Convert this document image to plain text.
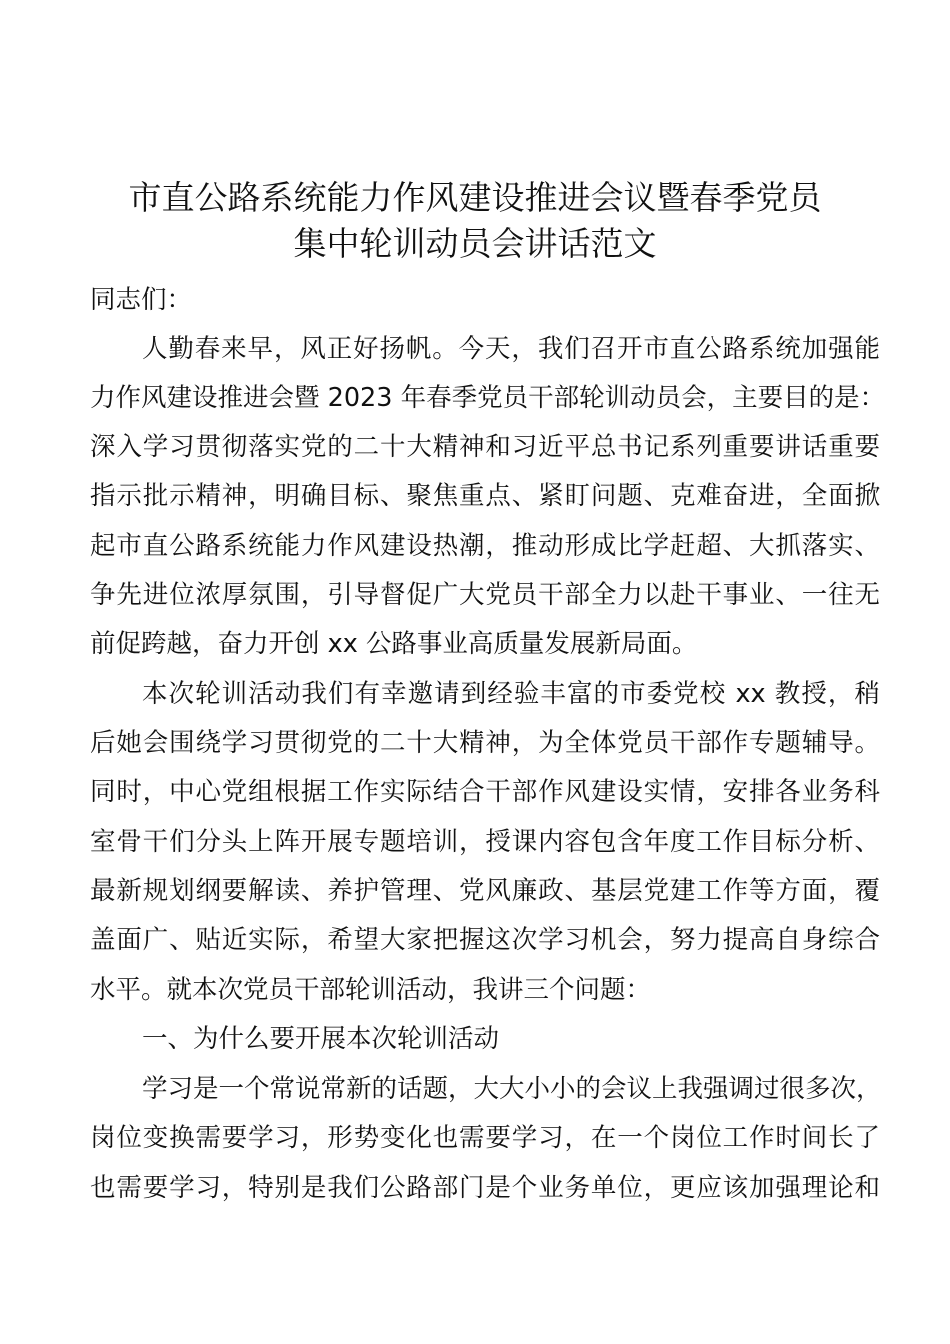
市直公路系统能力作风建设推进会议暨春季党员
集中轮训动员会讲话范文
同志们：
人勤春来早，风正好扬帆。今天，我们召开市直公路系统加强能
力作风建设推进会暨 2023 年春季党员干部轮训动员会，主要目的是：
深入学习贯彻落实党的二十大精神和习近平总书记系列重要讲话重要
指示批示精神，明确目标、聚焦重点、紧盯问题、克难奋进，全面掀
起市直公路系统能力作风建设热潮，推动形成比学赶超、大抓落实、
争先进位浓厚氛围，引导督促广大党员干部全力以赴干事业、一往无
前促跨越，奋力开创 xx 公路事业高质量发展新局面。
本次轮训活动我们有幸邀请到经验丰富的市委党校 xx 教授，稍
后她会围绕学习贯彻党的二十大精神，为全体党员干部作专题辅导。
同时，中心党组根据工作实际结合干部作风建设实情，安排各业务科
室骨干们分头上阵开展专题培训，授课内容包含年度工作目标分析、
最新规划纲要解读、养护管理、党风廉政、基层党建工作等方面，覆
盖面广、贴近实际，希望大家把握这次学习机会，努力提高自身综合
水平。就本次党员干部轮训活动，我讲三个问题：
一、为什么要开展本次轮训活动
学习是一个常说常新的话题，大大小小的会议上我强调过很多次，
岗位变换需要学习，形势变化也需要学习，在一个岗位工作时间长了
也需要学习，特别是我们公路部门是个业务单位，更应该加强理论和
